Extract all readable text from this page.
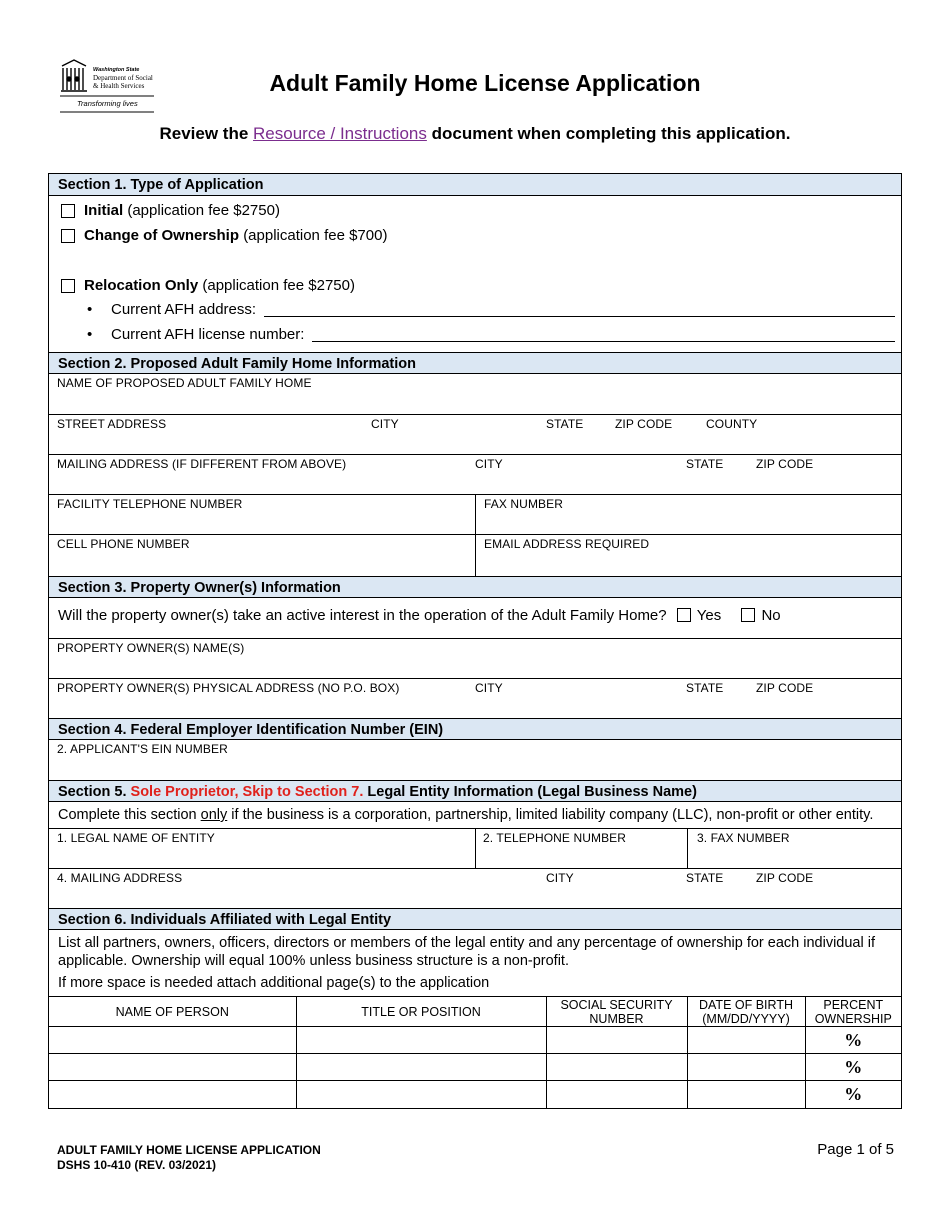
Washington State
Department of Social
& Health Services
Transforming lives
Adult Family Home License Application
Review the Resource / Instructions document when completing this application.
Section 1. Type of Application
Initial (application fee $2750)
Change of Ownership (application fee $700)
Relocation Only (application fee $2750)
• Current AFH address:
• Current AFH license number:
Section 2. Proposed Adult Family Home Information
NAME OF PROPOSED ADULT FAMILY HOME
STREET ADDRESS	CITY	STATE	ZIP CODE	COUNTY
MAILING ADDRESS (IF DIFFERENT FROM ABOVE)	CITY	STATE	ZIP CODE
FACILITY TELEPHONE NUMBER	FAX NUMBER
CELL PHONE NUMBER	EMAIL ADDRESS REQUIRED
Section 3. Property Owner(s) Information
Will the property owner(s) take an active interest in the operation of the Adult Family Home? Yes	No
PROPERTY OWNER(S) NAME(S)
PROPERTY OWNER(S) PHYSICAL ADDRESS (NO P.O. BOX)	CITY	STATE	ZIP CODE
Section 4. Federal Employer Identification Number (EIN)
2. APPLICANT'S EIN NUMBER
Section 5. Sole Proprietor, Skip to Section 7. Legal Entity Information (Legal Business Name)
Complete this section only if the business is a corporation, partnership, limited liability company (LLC), non-profit or other entity.
1. LEGAL NAME OF ENTITY	2. TELEPHONE NUMBER	3. FAX NUMBER
4. MAILING ADDRESS	CITY	STATE	ZIP CODE
Section 6. Individuals Affiliated with Legal Entity
List all partners, owners, officers, directors or members of the legal entity and any percentage of ownership for each individual if applicable. Ownership will equal 100% unless business structure is a non-profit.
If more space is needed attach additional page(s) to the application
NAME OF PERSON	TITLE OR POSITION	SOCIAL SECURITY NUMBER	DATE OF BIRTH (MM/DD/YYYY)	PERCENT OWNERSHIP
				%
				%
				%
ADULT FAMILY HOME LICENSE APPLICATION
DSHS 10-410 (REV. 03/2021)
Page 1 of 5
